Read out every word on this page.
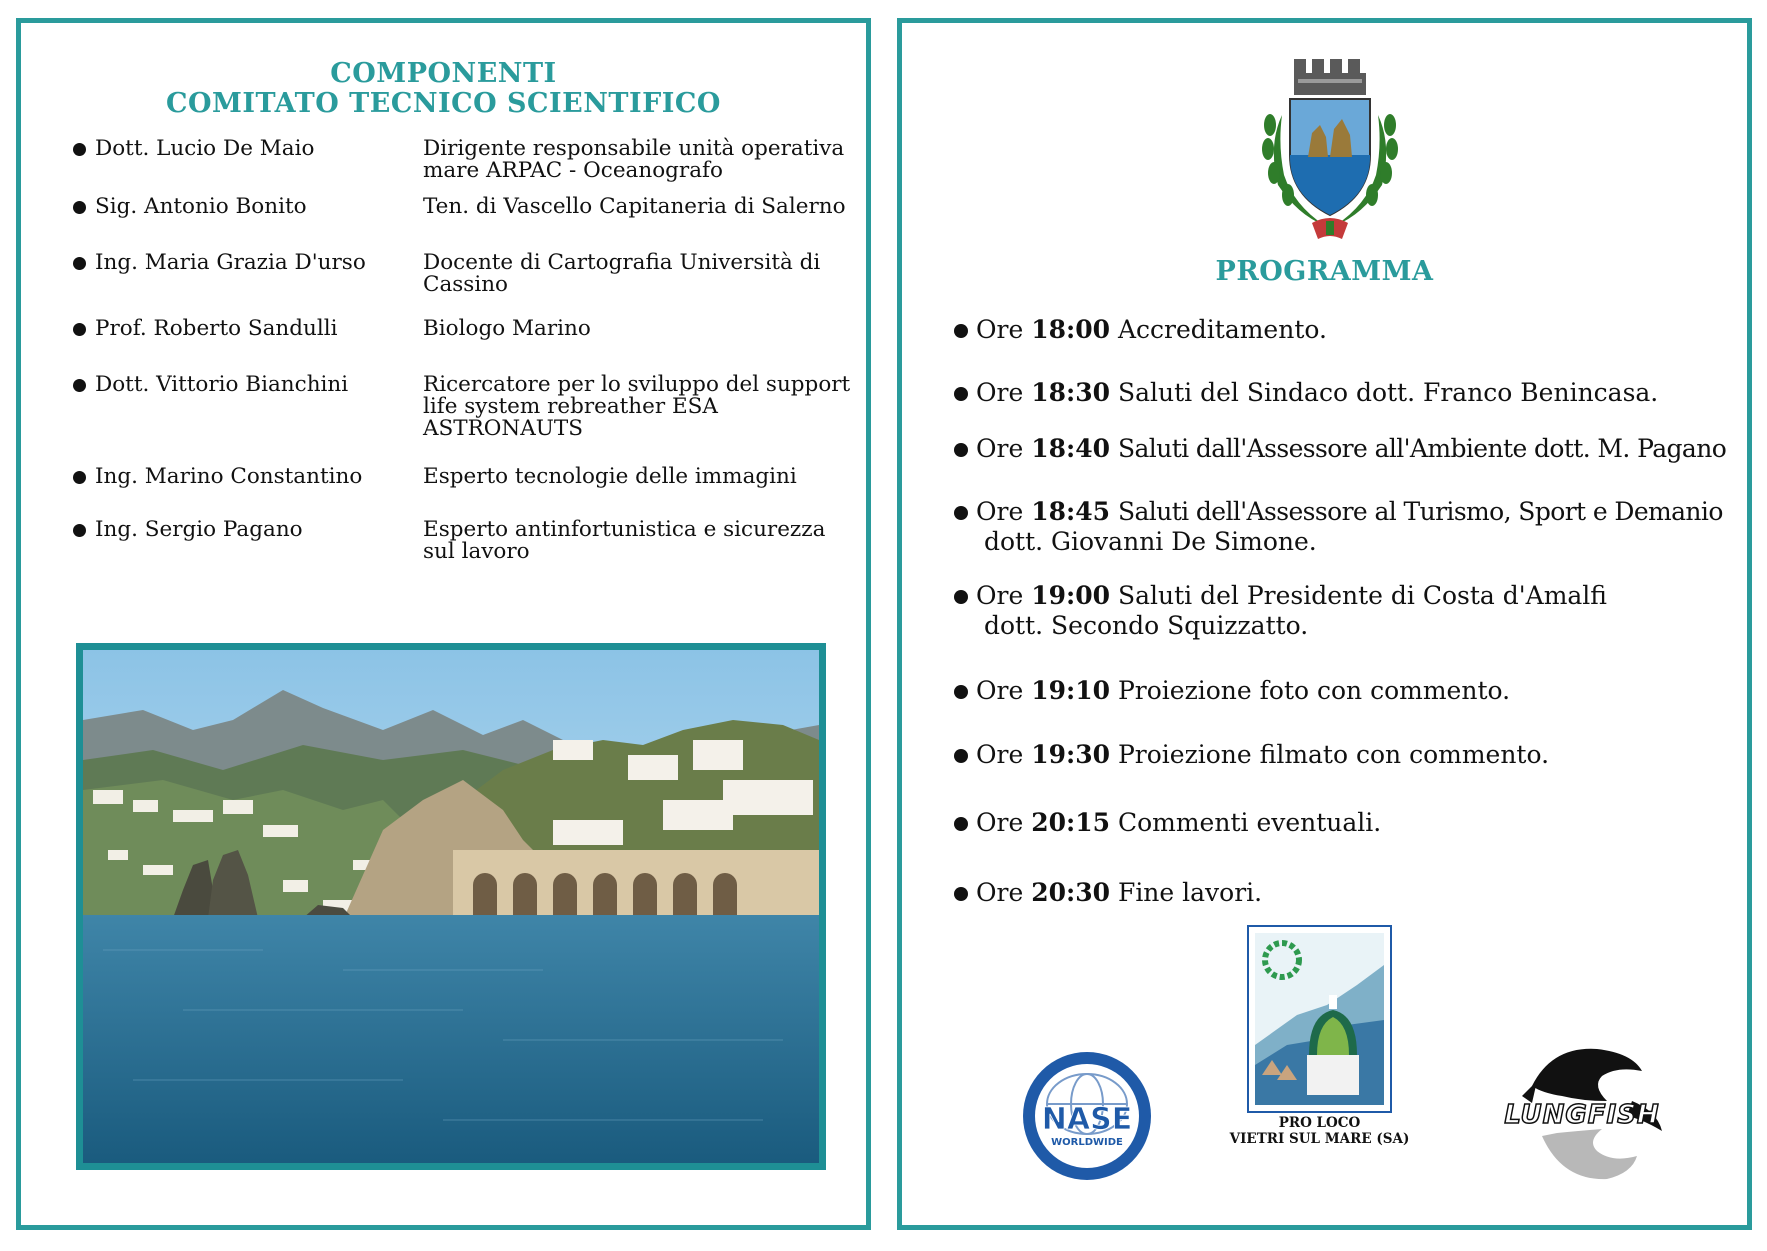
COMPONENTI
COMITATO TECNICO SCIENTIFICO
Dott. Lucio De Maio	Dirigente responsabile unità operativa mare ARPAC - Oceanografo
Sig. Antonio Bonito	Ten. di Vascello Capitaneria di Salerno
Ing. Maria Grazia D'urso	Docente di Cartografia Università di Cassino
Prof. Roberto Sandulli	Biologo Marino
Dott. Vittorio Bianchini	Ricercatore per lo sviluppo del support life system rebreather ESA ASTRONAUTS
Ing. Marino Constantino	Esperto tecnologie delle immagini
Ing. Sergio Pagano	Esperto antinfortunistica e sicurezza sul lavoro
PROGRAMMA
Ore 18:00 Accreditamento.
Ore 18:30 Saluti del Sindaco dott. Franco Benincasa.
Ore 18:40 Saluti dall'Assessore all'Ambiente dott. M. Pagano
Ore 18:45 Saluti dell'Assessore al Turismo, Sport e Demanio
dott. Giovanni De Simone.
Ore 19:00 Saluti del Presidente di Costa d'Amalfi
dott. Secondo Squizzatto.
Ore 19:10 Proiezione foto con commento.
Ore 19:30 Proiezione filmato con commento.
Ore 20:15 Commenti eventuali.
Ore 20:30 Fine lavori.
NASE
WORLDWIDE
PRO LOCO
VIETRI SUL MARE (SA)
LUNGFISH
